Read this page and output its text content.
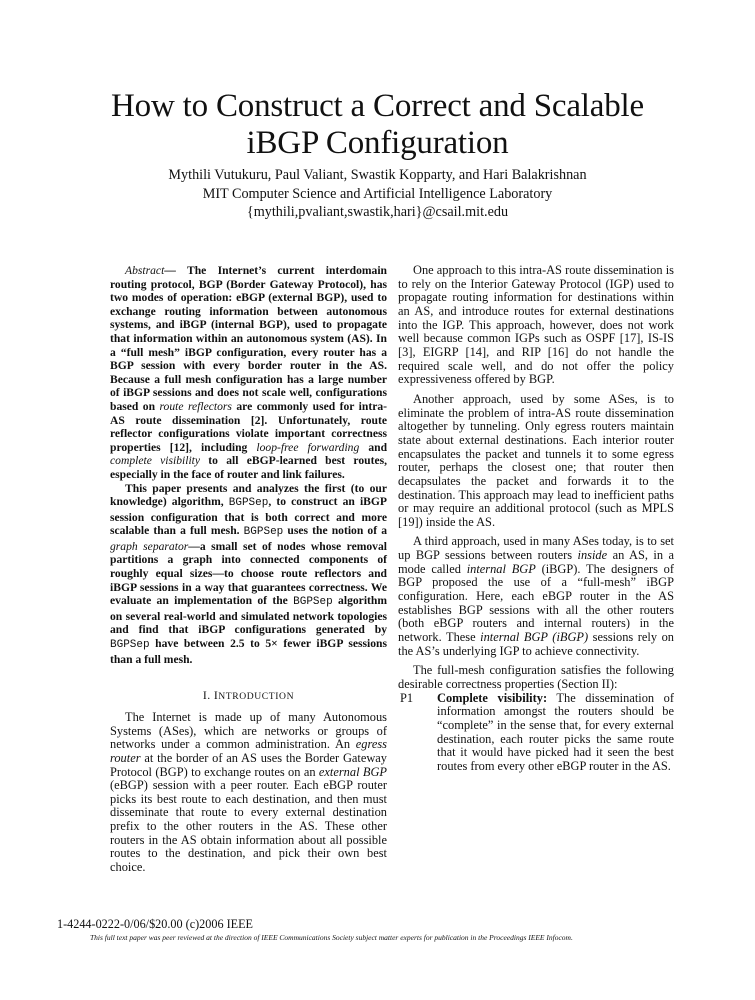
How to Construct a Correct and Scalable
iBGP Configuration
Mythili Vutukuru, Paul Valiant, Swastik Kopparty, and Hari Balakrishnan
MIT Computer Science and Artificial Intelligence Laboratory
{mythili,pvaliant,swastik,hari}@csail.mit.edu

Abstract— The Internet’s current interdomain routing protocol, BGP (Border Gateway Protocol), has two modes of operation: eBGP (external BGP), used to exchange routing information between autonomous systems, and iBGP (internal BGP), used to propagate that information within an autonomous system (AS). In a “full mesh” iBGP configuration, every router has a BGP session with every border router in the AS. Because a full mesh configuration has a large number of iBGP sessions and does not scale well, configurations based on route reflectors are commonly used for intra-AS route dissemination [2]. Unfortunately, route reflector configurations violate important correctness properties [12], including loop-free forwarding and complete visibility to all eBGP-learned best routes, especially in the face of router and link failures.

This paper presents and analyzes the first (to our knowledge) algorithm, BGPSep, to construct an iBGP session configuration that is both correct and more scalable than a full mesh. BGPSep uses the notion of a graph separator—a small set of nodes whose removal partitions a graph into connected components of roughly equal sizes—to choose route reflectors and iBGP sessions in a way that guarantees correctness. We evaluate an implementation of the BGPSep algorithm on several real-world and simulated network topologies and find that iBGP configurations generated by BGPSep have between 2.5 to 5× fewer iBGP sessions than a full mesh.

I. INTRODUCTION

The Internet is made up of many Autonomous Systems (ASes), which are networks or groups of networks under a common administration. An egress router at the border of an AS uses the Border Gateway Protocol (BGP) to exchange routes on an external BGP (eBGP) session with a peer router. Each eBGP router picks its best route to each destination, and then must disseminate that route to every external destination prefix to the other routers in the AS. These other routers in the AS obtain information about all possible routes to the destination, and pick their own best choice.

One approach to this intra-AS route dissemination is to rely on the Interior Gateway Protocol (IGP) used to propagate routing information for destinations within an AS, and introduce routes for external destinations into the IGP. This approach, however, does not work well because common IGPs such as OSPF [17], IS-IS [3], EIGRP [14], and RIP [16] do not handle the required scale well, and do not offer the policy expressiveness offered by BGP.

Another approach, used by some ASes, is to eliminate the problem of intra-AS route dissemination altogether by tunneling. Only egress routers maintain state about external destinations. Each interior router encapsulates the packet and tunnels it to some egress router, perhaps the closest one; that router then decapsulates the packet and forwards it to the destination. This approach may lead to inefficient paths or may require an additional protocol (such as MPLS [19]) inside the AS.

A third approach, used in many ASes today, is to set up BGP sessions between routers inside an AS, in a mode called internal BGP (iBGP). The designers of BGP proposed the use of a “full-mesh” iBGP configuration. Here, each eBGP router in the AS establishes BGP sessions with all the other routers (both eBGP routers and internal routers) in the network. These internal BGP (iBGP) sessions rely on the AS’s underlying IGP to achieve connectivity.

The full-mesh configuration satisfies the following desirable correctness properties (Section II):

P1 Complete visibility: The dissemination of information amongst the routers should be “complete” in the sense that, for every external destination, each router picks the same route that it would have picked had it seen the best routes from every other eBGP router in the AS.

1-4244-0222-0/06/$20.00 (c)2006 IEEE
This full text paper was peer reviewed at the direction of IEEE Communications Society subject matter experts for publication in the Proceedings IEEE Infocom.
